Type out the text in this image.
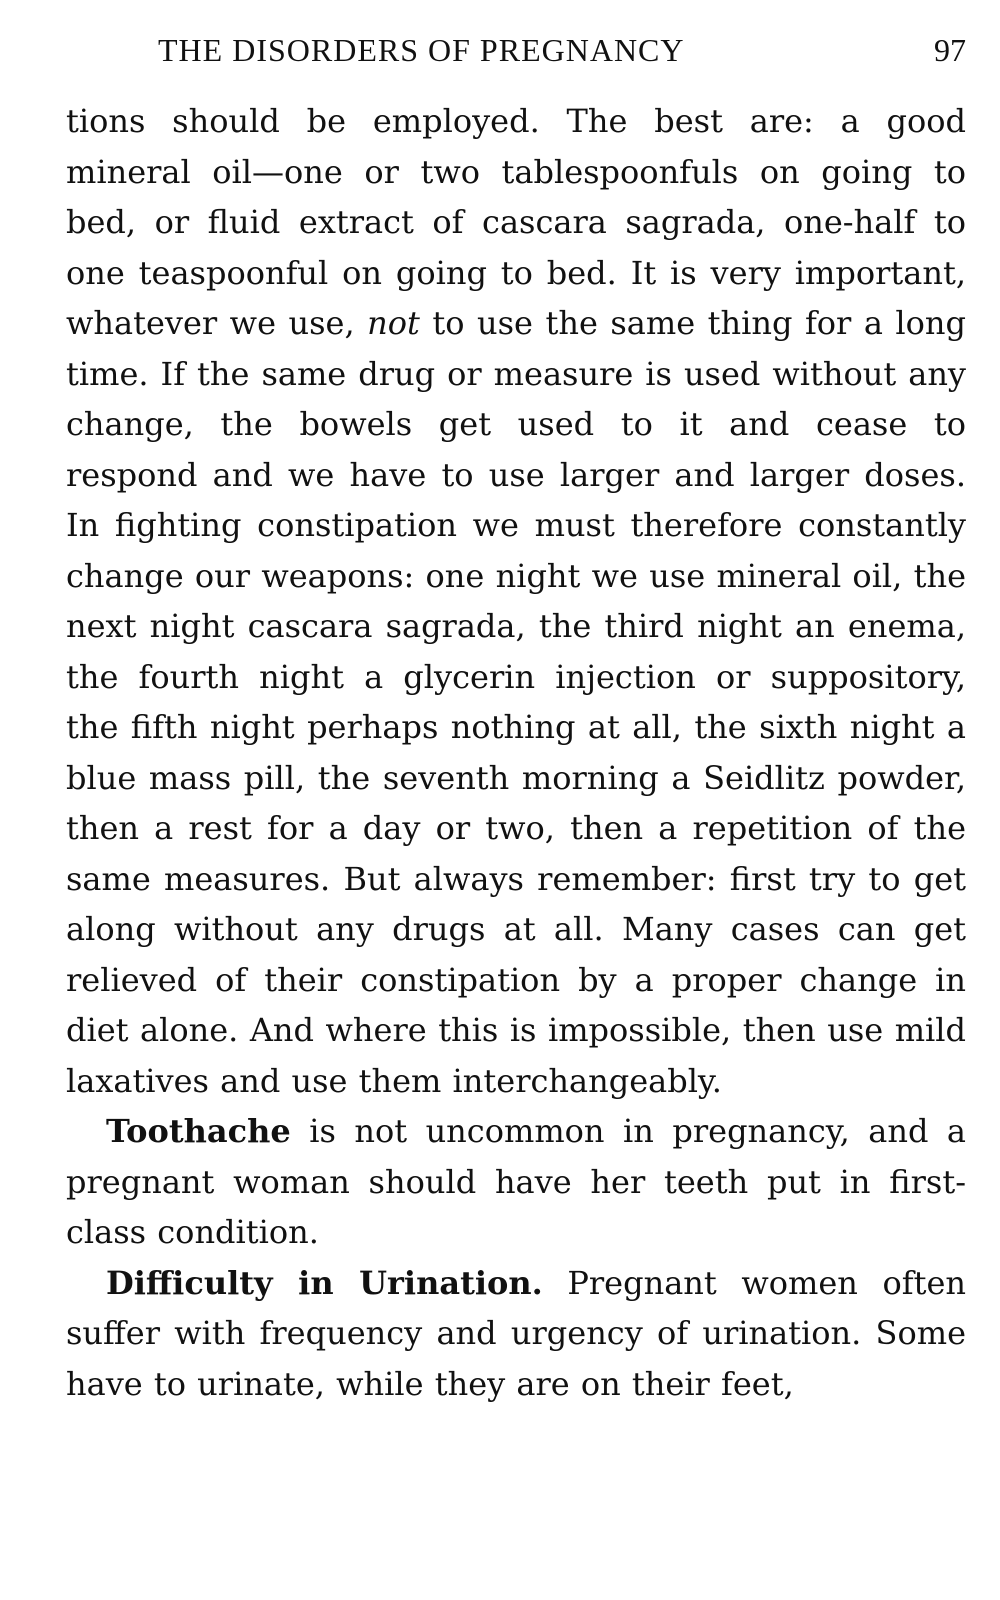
THE DISORDERS OF PREGNANCY	97

tions should be employed. The best are: a good mineral oil—one or two tablespoonfuls on going to bed, or fluid extract of cascara sagrada, one-half to one teaspoonful on going to bed. It is very important, whatever we use, not to use the same thing for a long time. If the same drug or measure is used without any change, the bowels get used to it and cease to respond and we have to use larger and larger doses. In fighting constipation we must therefore constantly change our weapons: one night we use mineral oil, the next night cascara sagrada, the third night an enema, the fourth night a glycerin injection or suppository, the fifth night perhaps nothing at all, the sixth night a blue mass pill, the seventh morning a Seidlitz powder, then a rest for a day or two, then a repetition of the same measures. But always remember: first try to get along without any drugs at all. Many cases can get relieved of their constipation by a proper change in diet alone. And where this is impossible, then use mild laxatives and use them interchangeably.

Toothache is not uncommon in pregnancy, and a pregnant woman should have her teeth put in first-class condition.

Difficulty in Urination. Pregnant women often suffer with frequency and urgency of urination. Some have to urinate, while they are on their feet,
